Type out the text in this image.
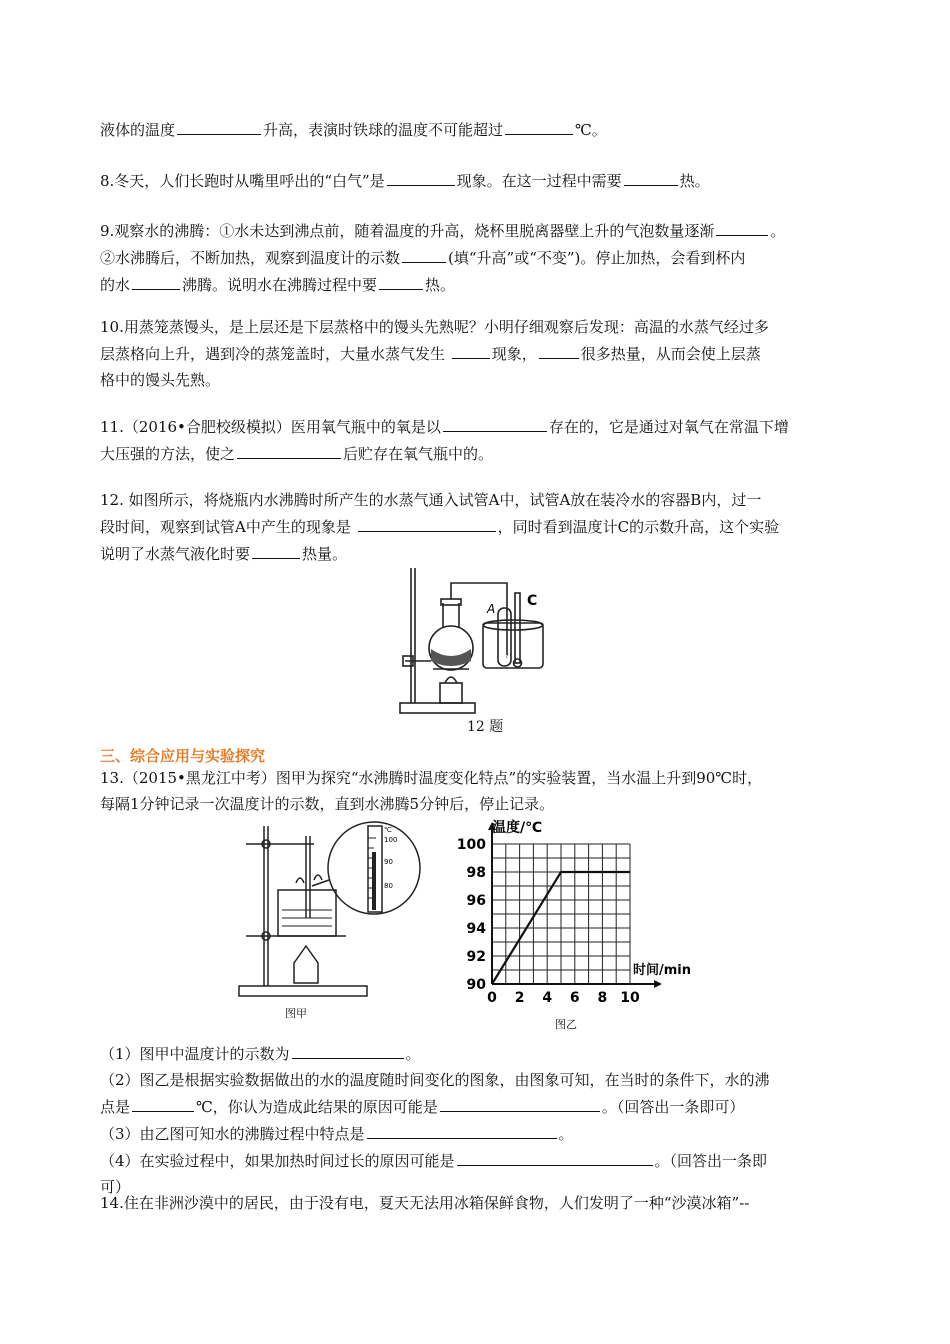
液体的温度	升高，表演时铁球的温度不可能超过	℃。
8.冬天，人们长跑时从嘴里呼出的“白气”是	现象。在这一过程中需要	热。
9.观察水的沸腾：①水未达到沸点前，随着温度的升高，烧杯里脱离器壁上升的气泡数量逐渐	。
②水沸腾后，不断加热，观察到温度计的示数	(填“升高”或“不变”)。停止加热，会看到杯内
的水	沸腾。说明水在沸腾过程中要	热。
10.用蒸笼蒸馒头，是上层还是下层蒸格中的馒头先熟呢？小明仔细观察后发现：高温的水蒸气经过多
层蒸格向上升，遇到冷的蒸笼盖时，大量水蒸气发生	现象，	很多热量，从而会使上层蒸
格中的馒头先熟。
11.（2016•合肥校级模拟）医用氧气瓶中的氧是以	存在的，它是通过对氧气在常温下增
大压强的方法，使之	后贮存在氧气瓶中的。
12. 如图所示，将烧瓶内水沸腾时所产生的水蒸气通入试管A中，试管A放在装冷水的容器B内，过一
段时间，观察到试管A中产生的现象是	，同时看到温度计C的示数升高，这个实验
说明了水蒸气液化时要	热量。
A
B
C
12 题
三、综合应用与实验探究
13.（2015•黑龙江中考）图甲为探究“水沸腾时温度变化特点”的实验装置，当水温上升到90℃时，
每隔1分钟记录一次温度计的示数，直到水沸腾5分钟后，停止记录。
℃
100
90
80
图甲
90
92
94
96
98
100
0 2 4 6 8 10
温度/℃
时间/min
图乙
（1）图甲中温度计的示数为	。
（2）图乙是根据实验数据做出的水的温度随时间变化的图象，由图象可知，在当时的条件下，水的沸
点是	℃，你认为造成此结果的原因可能是	。（回答出一条即可）
（3）由乙图可知水的沸腾过程中特点是	。
（4）在实验过程中，如果加热时间过长的原因可能是	。（回答出一条即
可）
14.住在非洲沙漠中的居民，由于没有电，夏天无法用冰箱保鲜食物，人们发明了一种“沙漠冰箱”--
